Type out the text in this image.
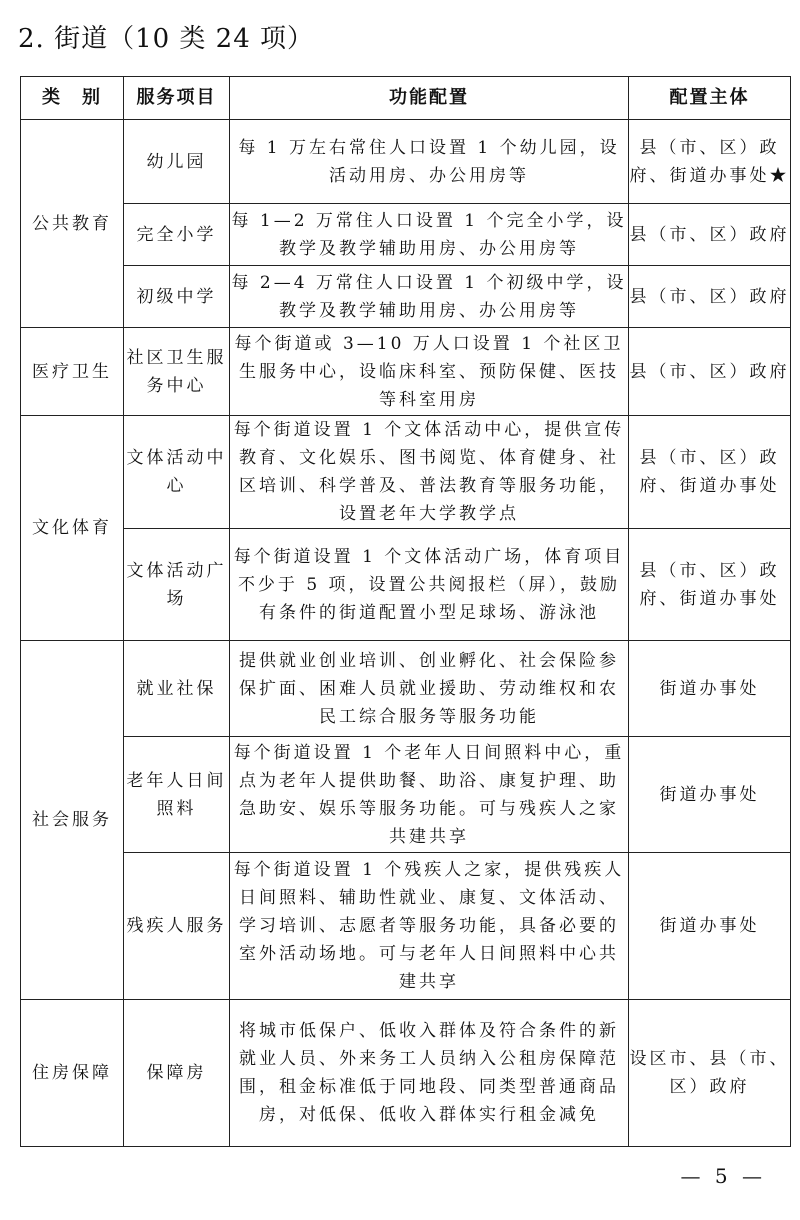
2. 街道（10 类 24 项）
类　别	服务项目	功能配置	配置主体
公共教育	幼儿园	每 1 万左右常住人口设置 1 个幼儿园，设活动用房、办公用房等	县（市、区）政府、街道办事处★
	完全小学	每 1—2 万常住人口设置 1 个完全小学，设教学及教学辅助用房、办公用房等	县（市、区）政府
	初级中学	每 2—4 万常住人口设置 1 个初级中学，设教学及教学辅助用房、办公用房等	县（市、区）政府
医疗卫生	社区卫生服务中心	每个街道或 3—10 万人口设置 1 个社区卫生服务中心，设临床科室、预防保健、医技等科室用房	县（市、区）政府
文化体育	文体活动中心	每个街道设置 1 个文体活动中心，提供宣传教育、文化娱乐、图书阅览、体育健身、社区培训、科学普及、普法教育等服务功能，设置老年大学教学点	县（市、区）政府、街道办事处
	文体活动广场	每个街道设置 1 个文体活动广场，体育项目不少于 5 项，设置公共阅报栏（屏），鼓励有条件的街道配置小型足球场、游泳池	县（市、区）政府、街道办事处
社会服务	就业社保	提供就业创业培训、创业孵化、社会保险参保扩面、困难人员就业援助、劳动维权和农民工综合服务等服务功能	街道办事处
	老年人日间照料	每个街道设置 1 个老年人日间照料中心，重点为老年人提供助餐、助浴、康复护理、助急助安、娱乐等服务功能。可与残疾人之家共建共享	街道办事处
	残疾人服务	每个街道设置 1 个残疾人之家，提供残疾人日间照料、辅助性就业、康复、文体活动、学习培训、志愿者等服务功能，具备必要的室外活动场地。可与老年人日间照料中心共建共享	街道办事处
住房保障	保障房	将城市低保户、低收入群体及符合条件的新就业人员、外来务工人员纳入公租房保障范围，租金标准低于同地段、同类型普通商品房，对低保、低收入群体实行租金减免	设区市、县（市、区）政府
— 5 —
